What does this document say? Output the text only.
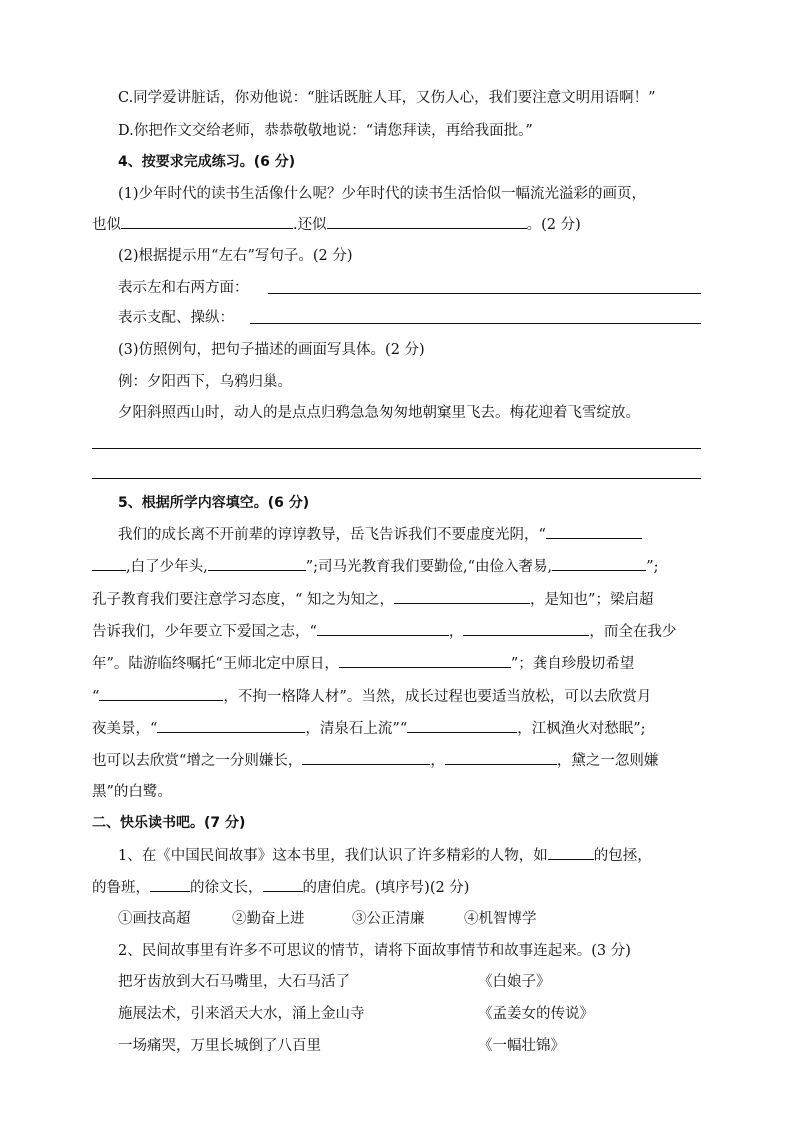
C.同学爱讲脏话，你劝他说：“脏话既脏人耳，又伤人心，我们要注意文明用语啊！”
D.你把作文交给老师，恭恭敬敬地说：“请您拜读，再给我面批。”
4、按要求完成练习。(6 分)
(1)少年时代的读书生活像什么呢？少年时代的读书生活恰似一幅流光溢彩的画页，
也似	.还似	。(2 分)
(2)根据提示用“左右”写句子。(2 分)
表示左和右两方面：
表示支配、操纵：
(3)仿照例句，把句子描述的画面写具体。(2 分)
例：夕阳西下，乌鸦归巢。
夕阳斜照西山时，动人的是点点归鸦急急匆匆地朝窠里飞去。梅花迎着飞雪绽放。
5、根据所学内容填空。(6 分)
我们的成长离不开前辈的谆谆教导，岳飞告诉我们不要虚度光阴，“
,白了少年头,	”;司马光教育我们要勤俭,“由俭入奢易,	”;
孔子教育我们要注意学习态度，“ 知之为知之，	，是知也”；梁启超
告诉我们，少年要立下爱国之志，“	，	，而全在我少
年”。陆游临终嘱托“王师北定中原日，	”；龚自珍殷切希望
“	，不拘一格降人材”。当然，成长过程也要适当放松，可以去欣赏月
夜美景，“	，清泉石上流”“	，江枫渔火对愁眠”;
也可以去欣赏“增之一分则嫌长，	，	，黛之一忽则嫌
黑”的白鹭。
二、快乐读书吧。(7 分)
1、在《中国民间故事》这本书里，我们认识了许多精彩的人物，如	的包拯，
的鲁班，	的徐文长，	的唐伯虎。(填序号)(2 分)
①画技高超	②勤奋上进	③公正清廉	④机智博学
2、民间故事里有许多不可思议的情节，请将下面故事情节和故事连起来。(3 分)
把牙齿放到大石马嘴里，大石马活了	《白娘子》
施展法术，引来滔天大水，涌上金山寺	《孟姜女的传说》
一场痛哭，万里长城倒了八百里	《一幅壮锦》
